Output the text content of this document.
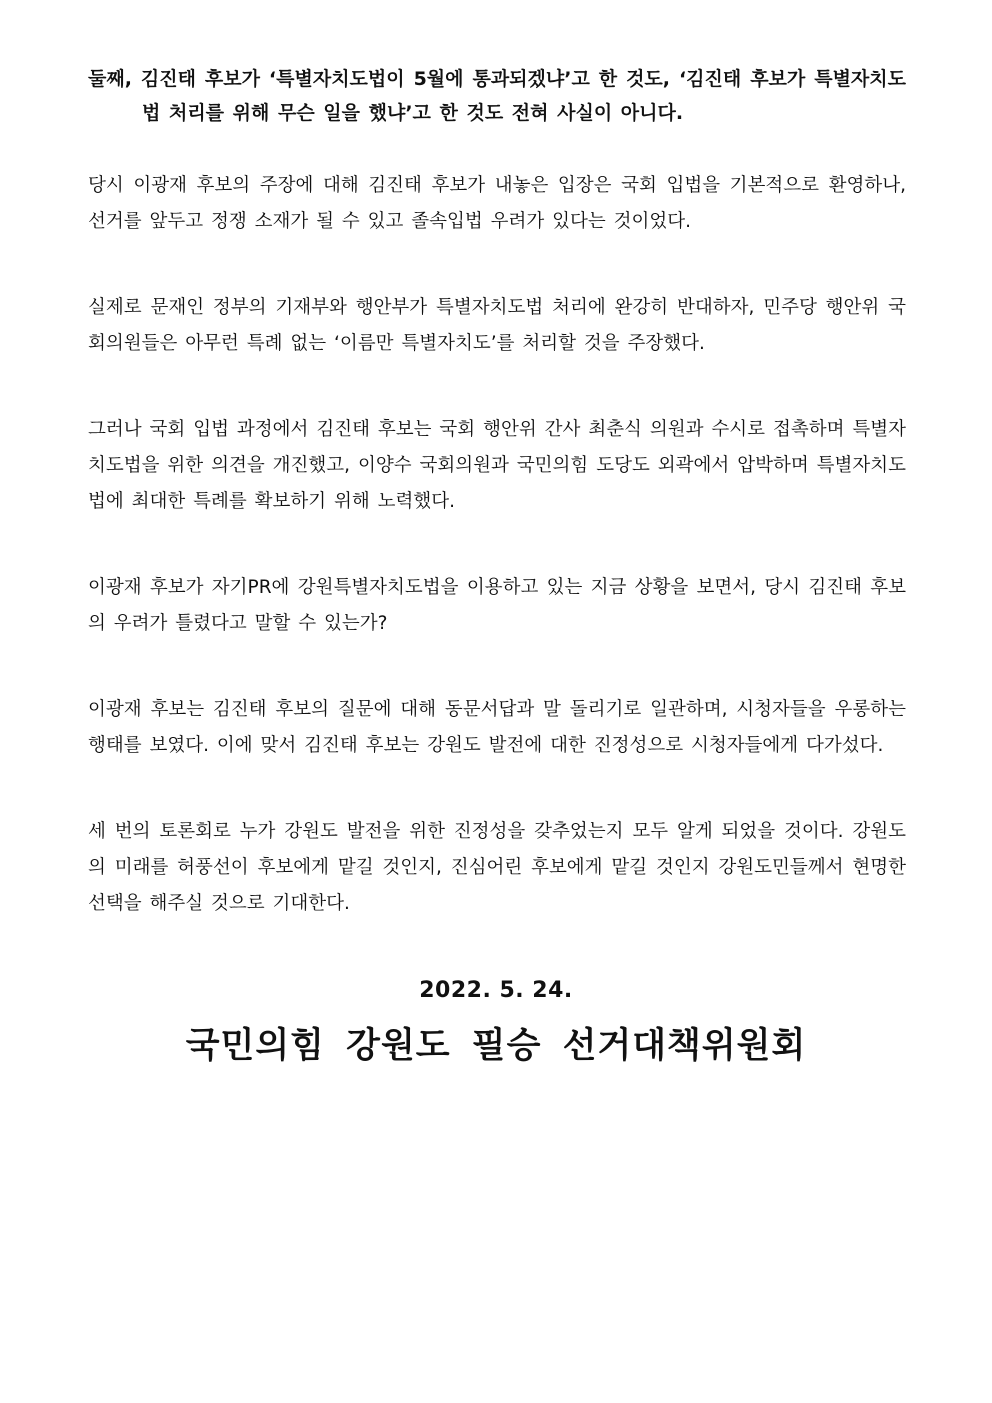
둘째, 김진태 후보가 ‘특별자치도법이 5월에 통과되겠냐’고 한 것도, ‘김진태 후보가 특별자치도법 처리를 위해 무슨 일을 했냐’고 한 것도 전혀 사실이 아니다.

당시 이광재 후보의 주장에 대해 김진태 후보가 내놓은 입장은 국회 입법을 기본적으로 환영하나, 선거를 앞두고 정쟁 소재가 될 수 있고 졸속입법 우려가 있다는 것이었다.

실제로 문재인 정부의 기재부와 행안부가 특별자치도법 처리에 완강히 반대하자, 민주당 행안위 국회의원들은 아무런 특례 없는 ‘이름만 특별자치도’를 처리할 것을 주장했다.

그러나 국회 입법 과정에서 김진태 후보는 국회 행안위 간사 최춘식 의원과 수시로 접촉하며 특별자치도법을 위한 의견을 개진했고, 이양수 국회의원과 국민의힘 도당도 외곽에서 압박하며 특별자치도법에 최대한 특례를 확보하기 위해 노력했다.

이광재 후보가 자기PR에 강원특별자치도법을 이용하고 있는 지금 상황을 보면서, 당시 김진태 후보의 우려가 틀렸다고 말할 수 있는가?

이광재 후보는 김진태 후보의 질문에 대해 동문서답과 말 돌리기로 일관하며, 시청자들을 우롱하는 행태를 보였다. 이에 맞서 김진태 후보는 강원도 발전에 대한 진정성으로 시청자들에게 다가섰다.

세 번의 토론회로 누가 강원도 발전을 위한 진정성을 갖추었는지 모두 알게 되었을 것이다. 강원도의 미래를 허풍선이 후보에게 맡길 것인지, 진심어린 후보에게 맡길 것인지 강원도민들께서 현명한 선택을 해주실 것으로 기대한다.

2022. 5. 24.
국민의힘 강원도 필승 선거대책위원회
